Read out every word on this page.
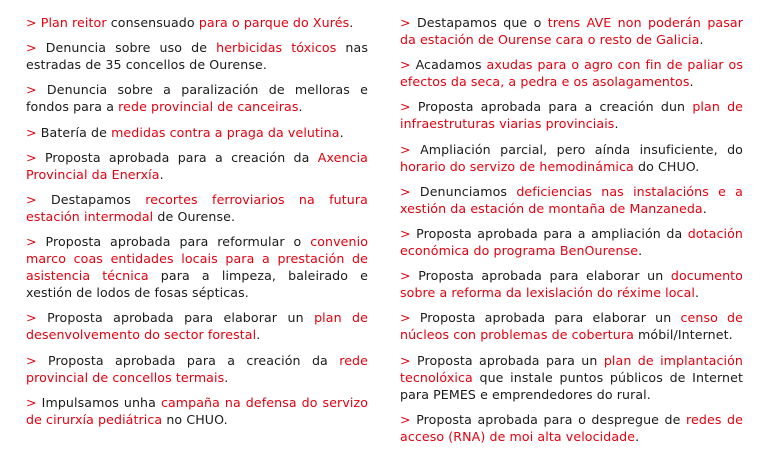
> Plan reitor consensuado para o parque do Xurés.

> Denuncia sobre uso de herbicidas tóxicos nas estradas de 35 concellos de Ourense.

> Denuncia sobre a paralización de melloras e fondos para a rede provincial de canceiras.

> Batería de medidas contra a praga da velutina.

> Proposta aprobada para a creación da Axencia Provincial da Enerxía.

> Destapamos recortes ferroviarios na futura estación intermodal de Ourense.

> Proposta aprobada para reformular o convenio marco coas entidades locais para a prestación de asistencia técnica para a limpeza, baleirado e xestión de lodos de fosas sépticas.

> Proposta aprobada para elaborar un plan de desenvolvemento do sector forestal.

> Proposta aprobada para a creación da rede provincial de concellos termais.

> Impulsamos unha campaña na defensa do servizo de cirurxía pediátrica no CHUO.

> Destapamos que o trens AVE non poderán pasar da estación de Ourense cara o resto de Galicia.

> Acadamos axudas para o agro con fin de paliar os efectos da seca, a pedra e os asolagamentos.

> Proposta aprobada para a creación dun plan de infraestruturas viarias provinciais.

> Ampliación parcial, pero aínda insuficiente, do horario do servizo de hemodinámica do CHUO.

> Denunciamos deficiencias nas instalacións e a xestión da estación de montaña de Manzaneda.

> Proposta aprobada para a ampliación da dotación económica do programa BenOurense.

> Proposta aprobada para elaborar un documento sobre a reforma da lexislación do réxime local.

> Proposta aprobada para elaborar un censo de núcleos con problemas de cobertura móbil/Internet.

> Proposta aprobada para un plan de implantación tecnolóxica que instale puntos públicos de Internet para PEMES e emprendedores do rural.

> Proposta aprobada para o despregue de redes de acceso (RNA) de moi alta velocidade.
